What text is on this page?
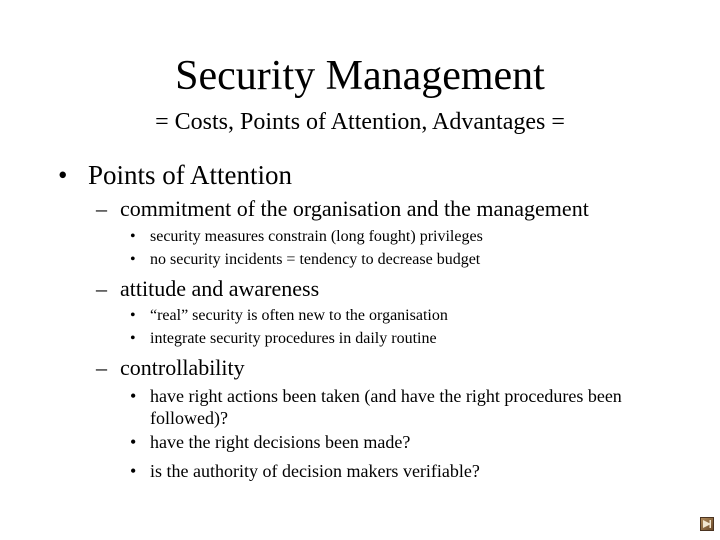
Security Management
= Costs, Points of Attention, Advantages =
• Points of Attention
– commitment of the organisation and the management
• security measures constrain (long fought) privileges
• no security incidents = tendency to decrease budget
– attitude and awareness
• “real” security is often new to the organisation
• integrate security procedures in daily routine
– controllability
• have right actions been taken (and have the right procedures been followed)?
• have the right decisions been made?
• is the authority of decision makers verifiable?
